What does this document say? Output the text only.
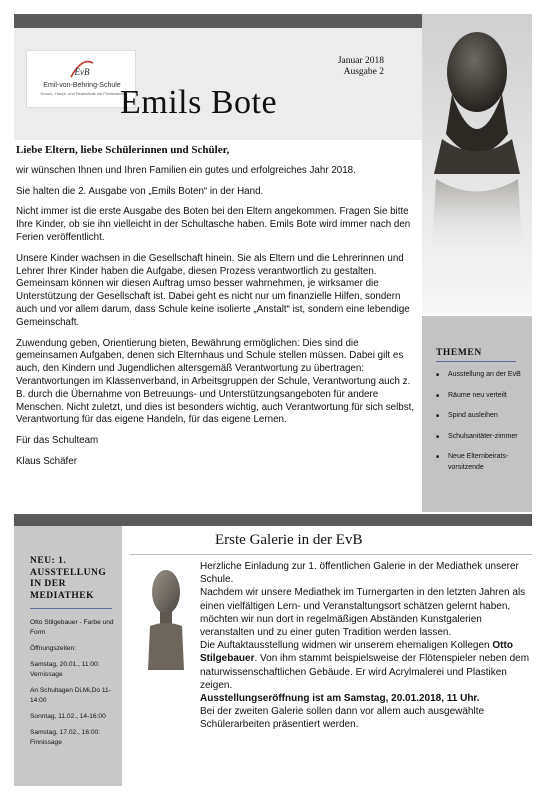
EvB
Emil-von-Behring-Schule
Grund-, Haupt- und Realschule mit Förderstufe
Januar 2018
Ausgabe 2
Emils Bote
Liebe Eltern, liebe Schülerinnen und Schüler,

wir wünschen Ihnen und Ihren Familien ein gutes und erfolgreiches Jahr 2018.

Sie halten die 2. Ausgabe von „Emils Boten“ in der Hand.

Nicht immer ist die erste Ausgabe des Boten bei den Eltern angekommen. Fragen Sie bitte Ihre Kinder, ob sie ihn vielleicht in der Schultasche haben. Emils Bote wird immer nach den Ferien veröffentlicht.

Unsere Kinder wachsen in die Gesellschaft hinein. Sie als Eltern und die Lehrerinnen und Lehrer Ihrer Kinder haben die Aufgabe, diesen Prozess verantwortlich zu gestalten. Gemeinsam können wir diesen Auftrag umso besser wahrnehmen, je wirksamer die Unterstützung der Gesellschaft ist. Dabei geht es nicht nur um finanzielle Hilfen, sondern auch und vor allem darum, dass Schule keine isolierte „Anstalt“ ist, sondern eine lebendige Gemeinschaft.

Zuwendung geben, Orientierung bieten, Bewährung ermöglichen: Dies sind die gemeinsamen Aufgaben, denen sich Elternhaus und Schule stellen müssen. Dabei gilt es auch, den Kindern und Jugendlichen altersgemäß Verantwortung zu übertragen: Verantwortungen im Klassenverband, in Arbeitsgruppen der Schule, Verantwortung auch z. B. durch die Übernahme von Betreuungs- und Unterstützungsangeboten für andere Menschen. Nicht zuletzt, und dies ist besonders wichtig, auch Verantwortung für sich selbst, Verantwortung für das eigene Handeln, für das eigene Lernen.

Für das Schulteam

Klaus Schäfer

THEMEN
■ Ausstellung an der EvB
■ Räume neu verteilt
■ Spind ausleihen
■ Schulsanitäter-zimmer
■ Neue Elternbeirats-vorsitzende
NEU: 1. AUSSTELLUNG IN DER MEDIATHEK
Otto Stilgebauer - Farbe und Form
Öffnungszeiten:
Samstag, 20.01., 11:00: Vernissage
An Schultagen Di,Mi,Do 11-14:00
Sonntag, 11.02., 14-16:00
Samstag, 17.02., 16:00: Finnissage
Erste Galerie in der EvB

Herzliche Einladung zur 1. öffentlichen Galerie in der Mediathek unserer Schule.

Nachdem wir unsere Mediathek im Turnergarten in den letzten Jahren als einen vielfältigen Lern- und Veranstaltungsort schätzen gelernt haben, möchten wir nun dort in regelmäßigen Abständen Kunstgalerien veranstalten und zu einer guten Tradition werden lassen.

Die Auftaktausstellung widmen wir unserem ehemaligen Kollegen Otto Stilgebauer. Von ihm stammt beispielsweise der Flötenspieler neben dem naturwissenschaftlichen Gebäude. Er wird Acrylmalerei und Plastiken zeigen.

Ausstellungseröffnung ist am Samstag, 20.01.2018, 11 Uhr.

Bei der zweiten Galerie sollen dann vor allem auch ausgewählte Schülerarbeiten präsentiert werden.
